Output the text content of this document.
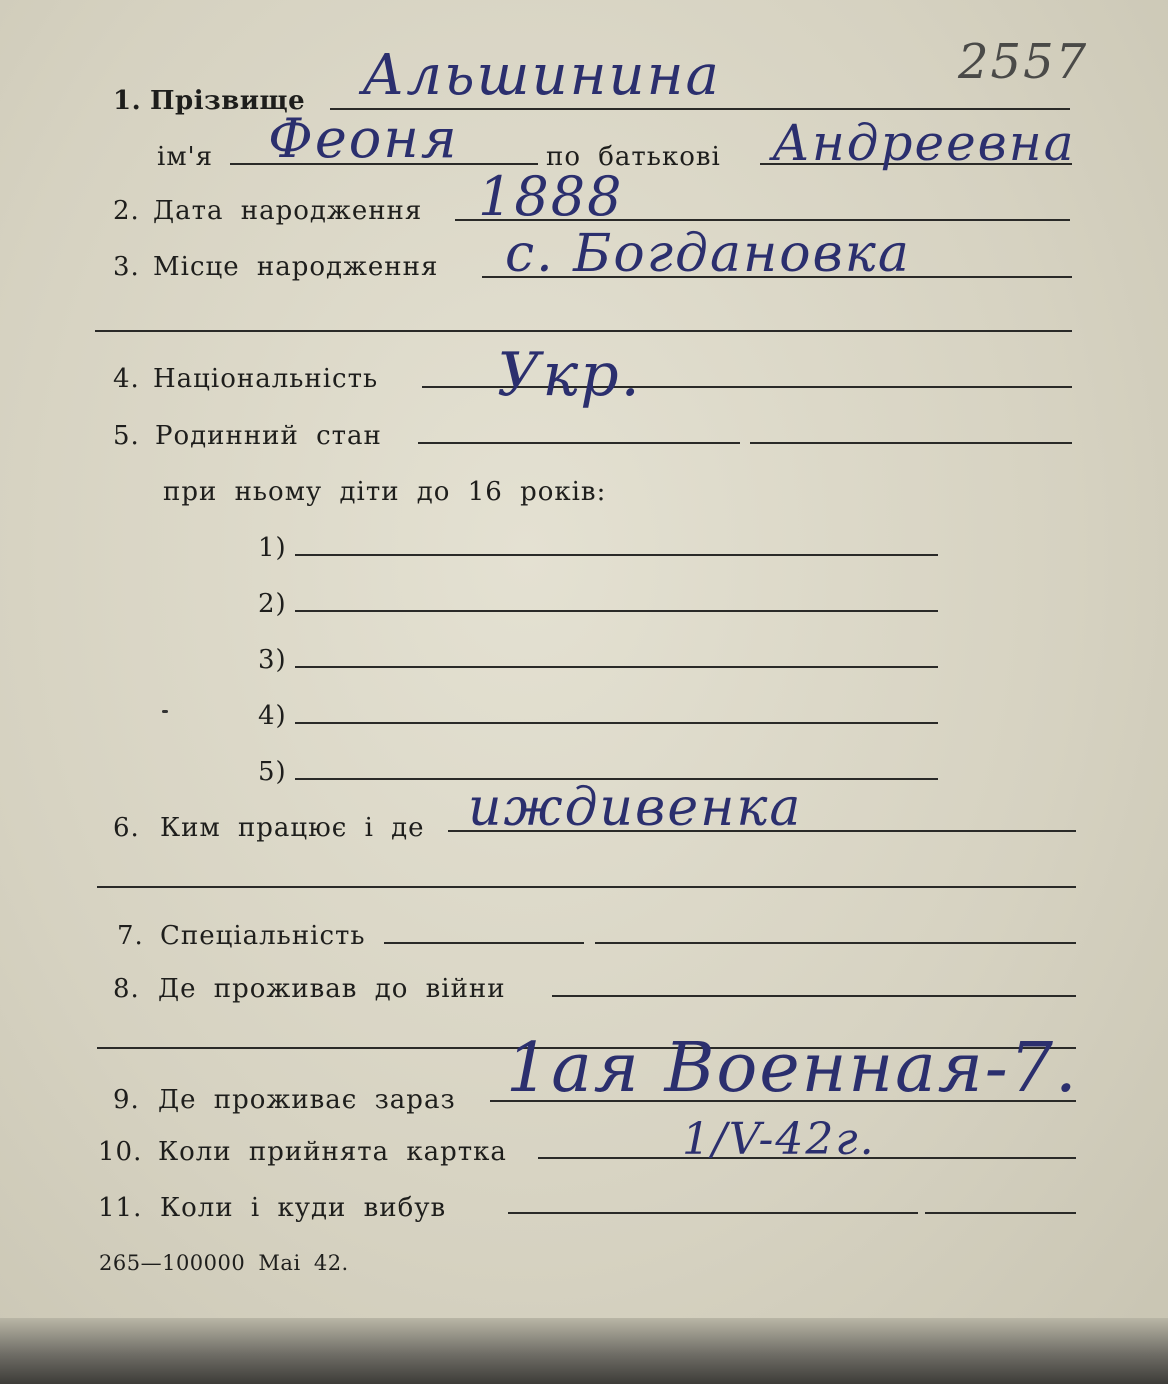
2557
1. Прізвище Альшинина
ім'я Феоня	по батькові Андреевна
2. Дата народження 1888
3. Місце народження с. Богдановка
4. Національність Укр.
5. Родинний стан
при ньому діти до 16 років:
1)
2)
3)
4)
5)
6. Ким працює і де иждивенка
7. Спеціальність
8. Де проживав до війни
9. Де проживає зараз 1ая Военная-7.
10. Коли прийнята картка	1/V-42г.
11. Коли і куди вибув
265—100000 Маі 42.
